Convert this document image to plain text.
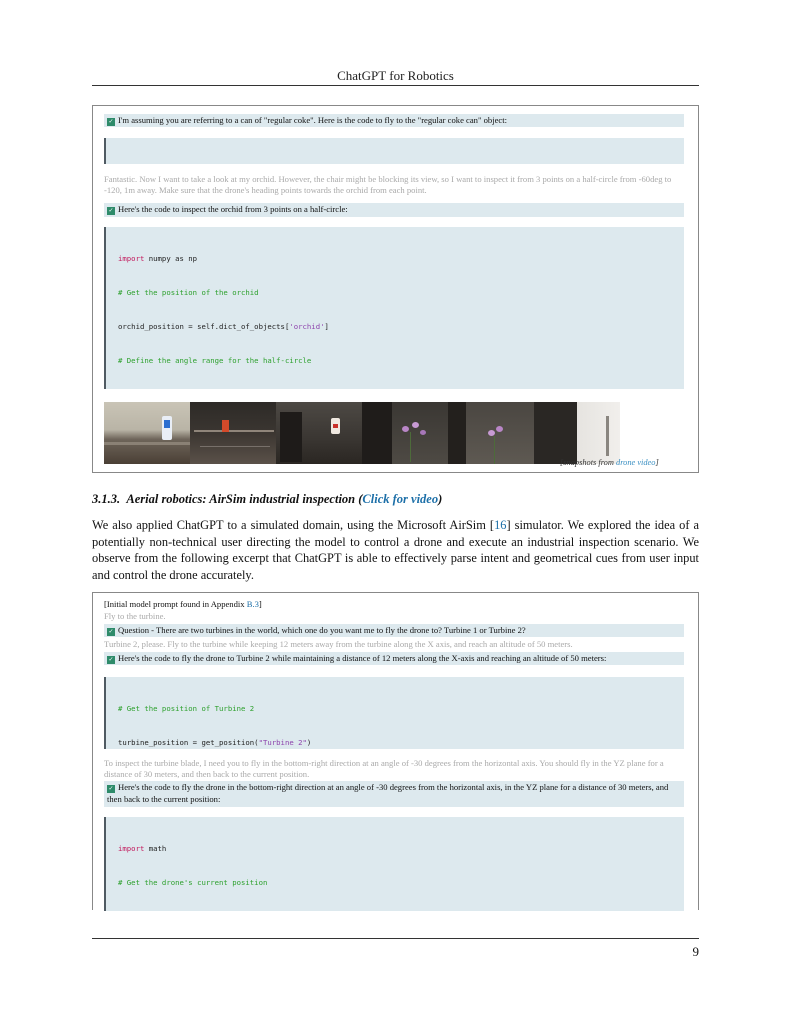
ChatGPT for Robotics
✓ I'm assuming you are referring to a can of "regular coke". Here is the code to fly to the "regular coke can" object:

Fantastic. Now I want to take a look at my orchid. However, the chair might be blocking its view, so I want to inspect it from 3 points on a half-circle from -60deg to -120, 1m away. Make sure that the drone's heading points towards the orchid from each point.
✓ Here's the code to inspect the orchid from 3 points on a half-circle:

import numpy as np

# Get the position of the orchid

orchid_position = self.dict_of_objects['orchid']

# Define the angle range for the half-circle

[snapshots from drone video]
3.1.3. Aerial robotics: AirSim industrial inspection (Click for video)
We also applied ChatGPT to a simulated domain, using the Microsoft AirSim [16] simulator. We explored the idea of a potentially non-technical user directing the model to control a drone and execute an industrial inspection scenario. We observe from the following excerpt that ChatGPT is able to effectively parse intent and geometrical cues from user input and control the drone accurately.
[Initial model prompt found in Appendix B.3]
Fly to the turbine.
✓ Question - There are two turbines in the world, which one do you want me to fly the drone to? Turbine 1 or Turbine 2?
Turbine 2, please. Fly to the turbine while keeping 12 meters away from the turbine along the X axis, and reach an altitude of 50 meters.
✓ Here's the code to fly the drone to Turbine 2 while maintaining a distance of 12 meters along the X-axis and reaching an altitude of 50 meters:

# Get the position of Turbine 2

turbine_position = get_position("Turbine 2")

To inspect the turbine blade, I need you to fly in the bottom-right direction at an angle of -30 degrees from the horizontal axis. You should fly in the YZ plane for a distance of 30 meters, and then back to the current position.
✓ Here's the code to fly the drone in the bottom-right direction at an angle of -30 degrees from the horizontal axis, in the YZ plane for a distance of 30 meters, and then back to the current position:

import math

# Get the drone's current position

9
